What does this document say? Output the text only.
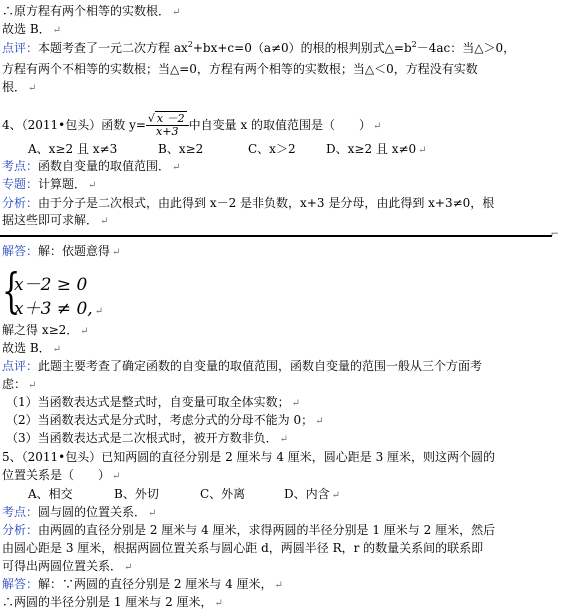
∴原方程有两个相等的实数根． ↵
故选 B． ↵
点评：本题考查了一元二次方程 $ax^2+bx+c=0(a\ne 0)$的根的根判别式$\triangle=b^2-4ac$：当△＞0，
方程有两个不相等的实数根；当△=0，方程有两个相等的实数根；当△＜0，方程没有实数
根． ↵
4、（2011•包头）函数 $y= \frac{√ x -2}{x+3}$ 中自变量 x 的取值范围是（　　） ↵
A、x≥2 且 x≠3	B、x≥2	C、x＞2	D、x≥2 且 x≠0 ↵
考点：函数自变量的取值范围． ↵
专题：计算题． ↵
分析：由于分子是二次根式，由此得到 x－2 是非负数，x+3 是分母，由此得到 x+3≠0，根
据这些即可求解． ↵
⌐
解答：解：依题意得 ↵
{
x－2 ≥ 0
x＋3 ≠ 0, ↵
解之得 x≥2． ↵
故选 B． ↵
点评：此题主要考查了确定函数的自变量的取值范围，函数自变量的范围一般从三个方面考
虑： ↵
（1）当函数表达式是整式时，自变量可取全体实数； ↵
（2）当函数表达式是分式时，考虑分式的分母不能为 0； ↵
（3）当函数表达式是二次根式时，被开方数非负． ↵
5、（2011•包头）已知两圆的直径分别是 2 厘米与 4 厘米，圆心距是 3 厘米，则这两个圆的
位置关系是（　　） ↵
A、相交	B、外切	C、外离	D、内含 ↵
考点：圆与圆的位置关系． ↵
分析：由两圆的直径分别是 2 厘米与 4 厘米，求得两圆的半径分别是 1 厘米与 2 厘米，然后
由圆心距是 3 厘米，根据两圆位置关系与圆心距 d，两圆半径 R，r 的数量关系间的联系即
可得出两圆位置关系． ↵
解答：解：∵两圆的直径分别是 2 厘米与 4 厘米， ↵
∴两圆的半径分别是 1 厘米与 2 厘米， ↵
